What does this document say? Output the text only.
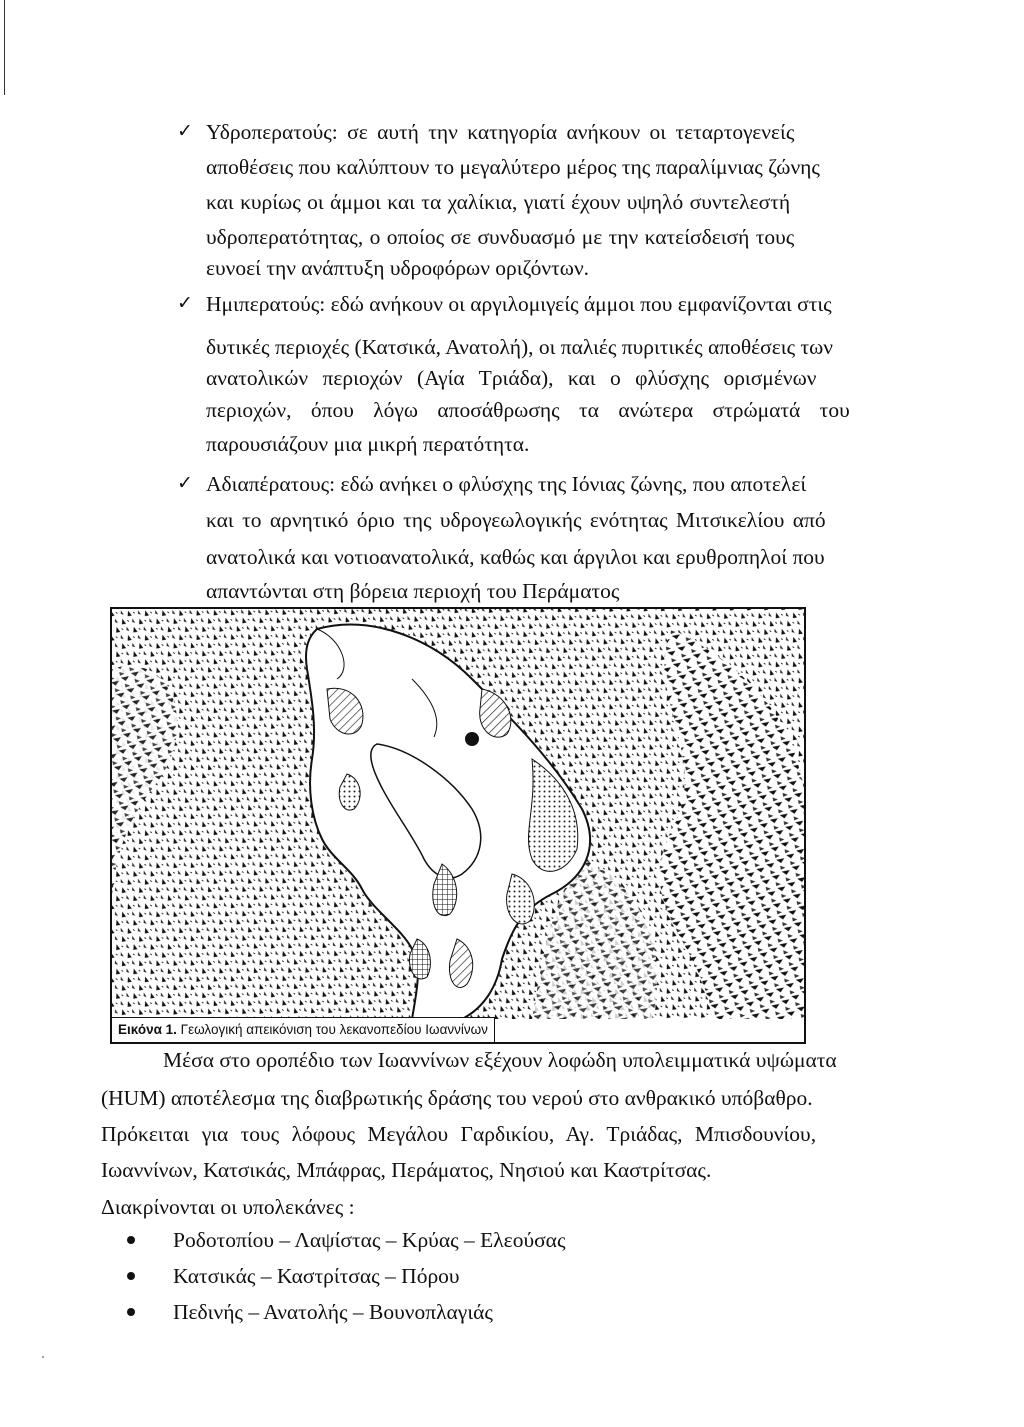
✓ Υδροπερατούς: σε αυτή την κατηγορία ανήκουν οι τεταρτογενείς
αποθέσεις που καλύπτουν το μεγαλύτερο μέρος της παραλίμνιας ζώνης
και κυρίως οι άμμοι και τα χαλίκια, γιατί έχουν υψηλό συντελεστή
υδροπερατότητας, ο οποίος σε συνδυασμό με την κατείσδεισή τους
ευνοεί την ανάπτυξη υδροφόρων οριζόντων.
✓ Ημιπερατούς: εδώ ανήκουν οι αργιλομιγείς άμμοι που εμφανίζονται στις
δυτικές περιοχές (Κατσικά, Ανατολή), οι παλιές πυριτικές αποθέσεις των
ανατολικών περιοχών (Αγία Τριάδα), και ο φλύσχης ορισμένων
περιοχών, όπου λόγω αποσάθρωσης τα ανώτερα στρώματά του
παρουσιάζουν μια μικρή περατότητα.
✓ Αδιαπέρατους: εδώ ανήκει ο φλύσχης της Ιόνιας ζώνης, που αποτελεί
και το αρνητικό όριο της υδρογεωλογικής ενότητας Μιτσικελίου από
ανατολικά και νοτιοανατολικά, καθώς και άργιλοι και ερυθροπηλοί που
απαντώνται στη βόρεια περιοχή του Περάματος
Εικόνα 1. Γεωλογική απεικόνιση του λεκανοπεδίου Ιωαννίνων
Μέσα στο οροπέδιο των Ιωαννίνων εξέχουν λοφώδη υπολειμματικά υψώματα
(HUM) αποτέλεσμα της διαβρωτικής δράσης του νερού στο ανθρακικό υπόβαθρο.
Πρόκειται για τους λόφους Μεγάλου Γαρδικίου, Αγ. Τριάδας, Μπισδουνίου,
Ιωαννίνων, Κατσικάς, Μπάφρας, Περάματος, Νησιού και Καστρίτσας.
Διακρίνονται οι υπολεκάνες :
Ροδοτοπίου – Λαψίστας – Κρύας – Ελεούσας
Κατσικάς – Καστρίτσας – Πόρου
Πεδινής – Ανατολής – Βουνοπλαγιάς
